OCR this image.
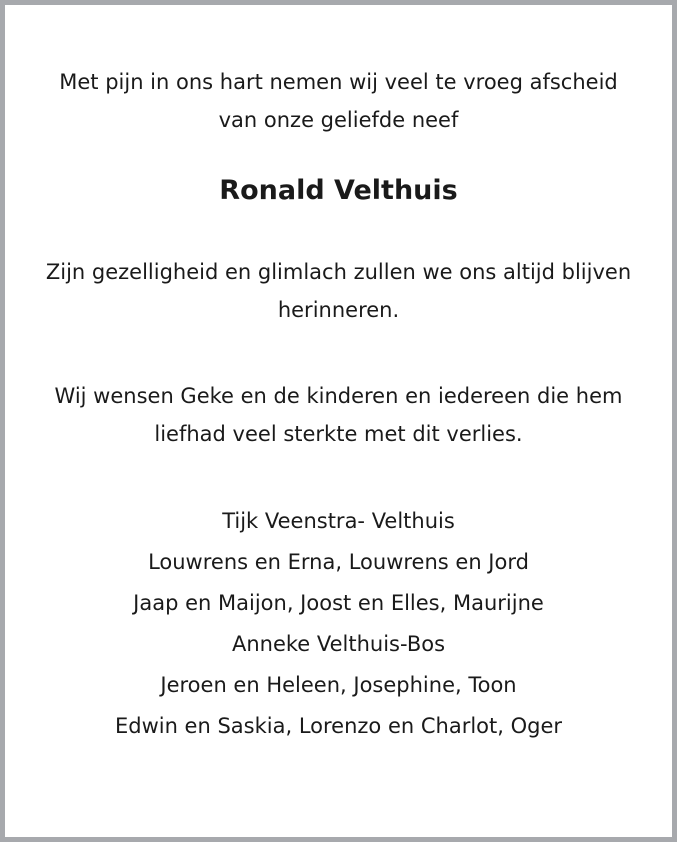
Met pijn in ons hart nemen wij veel te vroeg afscheid

van onze geliefde neef

Ronald Velthuis

Zijn gezelligheid en glimlach zullen we ons altijd blijven

herinneren.

Wij wensen Geke en de kinderen en iedereen die hem

liefhad veel sterkte met dit verlies.

Tijk Veenstra- Velthuis

Louwrens en Erna, Louwrens en Jord

Jaap en Maijon, Joost en Elles, Maurijne

Anneke Velthuis-Bos

Jeroen en Heleen, Josephine, Toon

Edwin en Saskia, Lorenzo en Charlot, Oger
